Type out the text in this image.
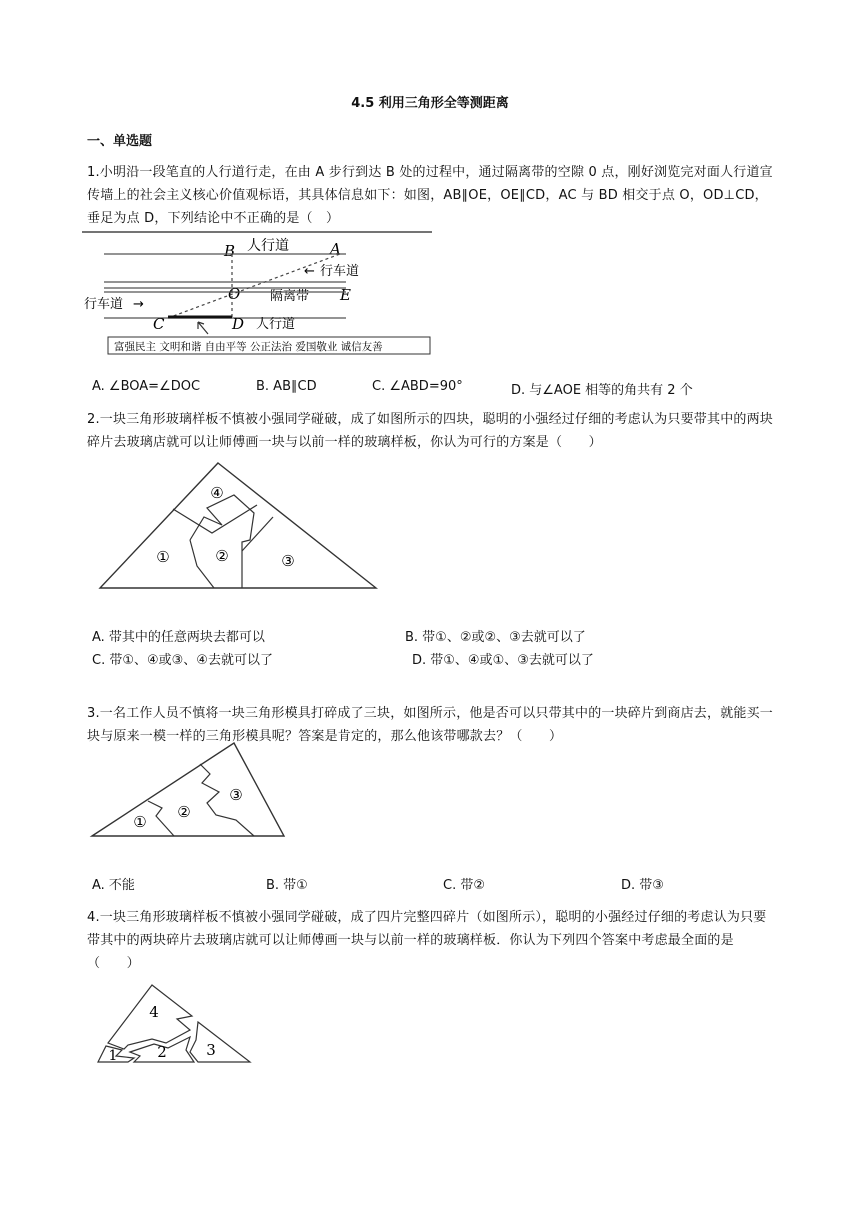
4.5 利用三角形全等测距离
一、单选题
1.小明沿一段笔直的人行道行走，在由 A 步行到达 B 处的过程中，通过隔离带的空隙 0 点，刚好浏览完对面人行道宣传墙上的社会主义核心价值观标语，其具体信息如下：如图，AB∥OE，OE∥CD，AC 与 BD 相交于点 O，OD⊥CD，垂足为点 D，下列结论中不正确的是（　）
B 人行道	A
← 行车道
O 隔离带 E
行车道 →
C	D 人行道
富强民主 文明和谐 自由平等 公正法治 爱国敬业 诚信友善
A. ∠BOA=∠DOC	B. AB∥CD	C. ∠ABD=90°	D. 与∠AOE 相等的角共有 2 个
2.一块三角形玻璃样板不慎被小强同学碰破，成了如图所示的四块，聪明的小强经过仔细的考虑认为只要带其中的两块碎片去玻璃店就可以让师傅画一块与以前一样的玻璃样板，你认为可行的方案是（　　）
④
①	②	③
A. 带其中的任意两块去都可以	B. 带①、②或②、③去就可以了
C. 带①、④或③、④去就可以了	D. 带①、④或①、③去就可以了
3.一名工作人员不慎将一块三角形模具打碎成了三块，如图所示，他是否可以只带其中的一块碎片到商店去，就能买一块与原来一模一样的三角形模具呢？答案是肯定的，那么他该带哪款去？（　　）
①
②
③
A. 不能	B. 带①	C. 带②	D. 带③
4.一块三角形玻璃样板不慎被小强同学碰破，成了四片完整四碎片（如图所示），聪明的小强经过仔细的考虑认为只要带其中的两块碎片去玻璃店就可以让师傅画一块与以前一样的玻璃样板．你认为下列四个答案中考虑最全面的是（　　）
4
1	2	3
